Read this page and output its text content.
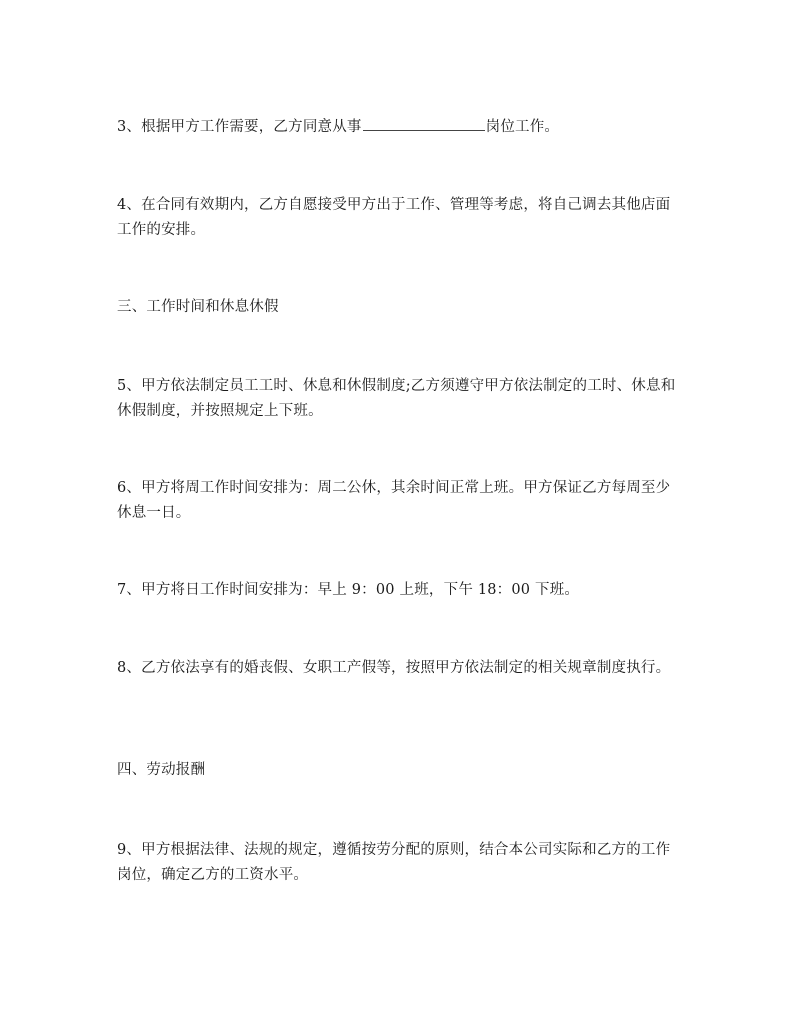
3、根据甲方工作需要，乙方同意从事	岗位工作。

4、在合同有效期内，乙方自愿接受甲方出于工作、管理等考虑，将自己调去其他店面工作的安排。

三、工作时间和休息休假

5、甲方依法制定员工工时、休息和休假制度;乙方须遵守甲方依法制定的工时、休息和休假制度，并按照规定上下班。

6、甲方将周工作时间安排为：周二公休，其余时间正常上班。甲方保证乙方每周至少休息一日。

7、甲方将日工作时间安排为：早上 9：00 上班，下午 18：00 下班。

8、乙方依法享有的婚丧假、女职工产假等，按照甲方依法制定的相关规章制度执行。

四、劳动报酬

9、甲方根据法律、法规的规定，遵循按劳分配的原则，结合本公司实际和乙方的工作岗位，确定乙方的工资水平。
